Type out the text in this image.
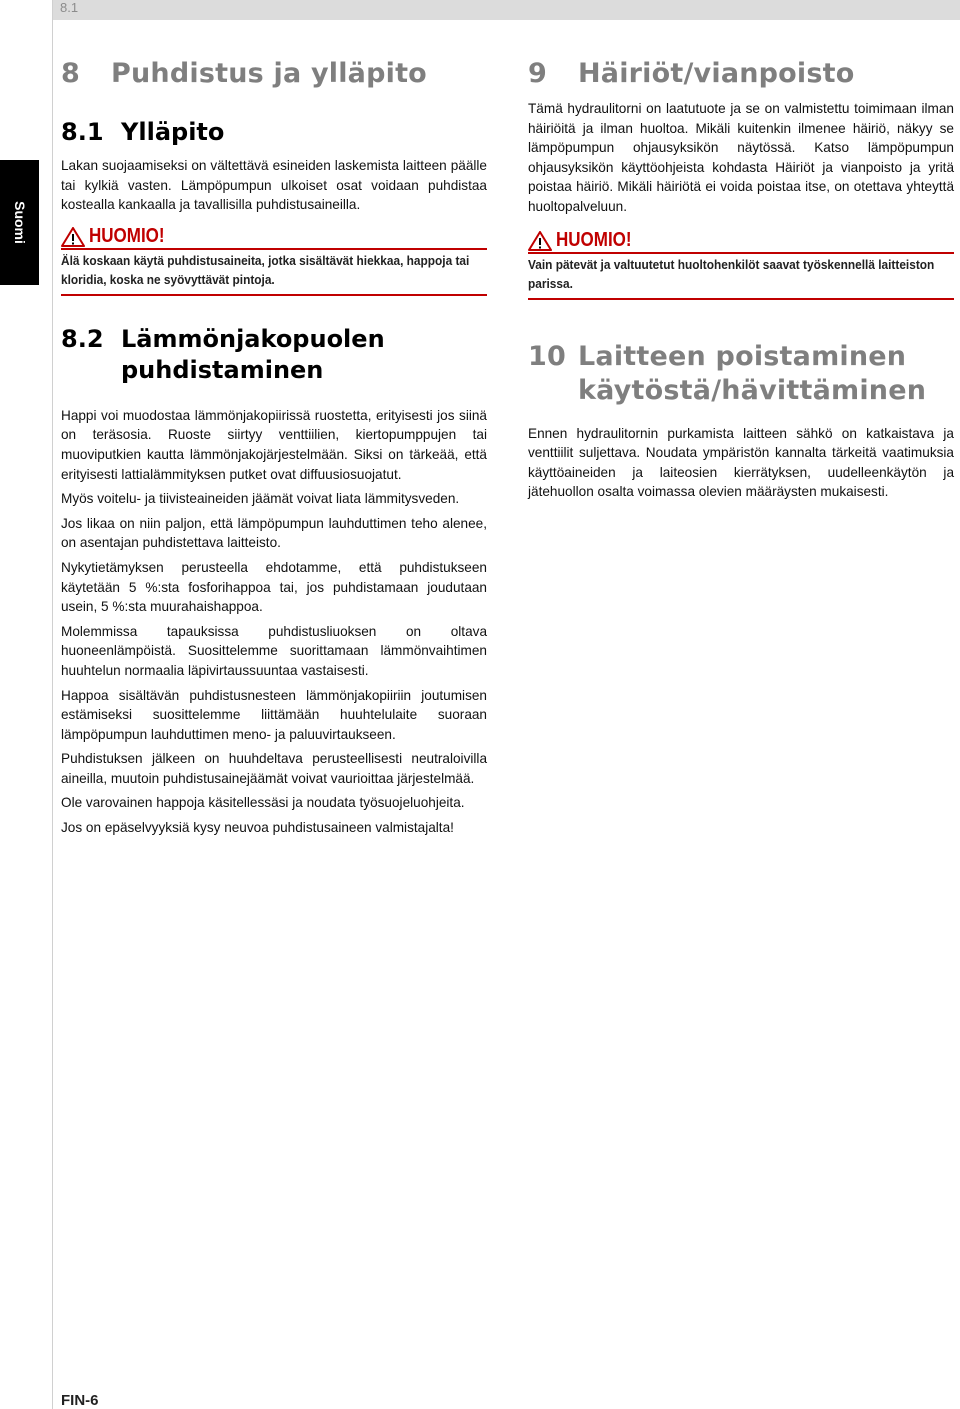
8.1
Suomi
8	Puhdistus ja ylläpito
8.1 Ylläpito

Lakan suojaamiseksi on vältettävä esineiden laskemista laitteen päälle tai kylkiä vasten. Lämpöpumpun ulkoiset osat voidaan puhdistaa kostealla kankaalla ja tavallisilla puhdistusaineilla.

HUOMIO!
Älä koskaan käytä puhdistusaineita, jotka sisältävät hiekkaa, happoja tai kloridia, koska ne syövyttävät pintoja.
8.2 Lämmönjakopuolen
puhdistaminen

Happi voi muodostaa lämmönjakopiirissä ruostetta, erityisesti jos siinä on teräsosia. Ruoste siirtyy venttiilien, kiertopumppujen tai muoviputkien kautta lämmönjakojärjestelmään. Siksi on tärkeää, että erityisesti lattialämmityksen putket ovat diffuusiosuojatut.

Myös voitelu- ja tiivisteaineiden jäämät voivat liata lämmitysveden.

Jos likaa on niin paljon, että lämpöpumpun lauhduttimen teho alenee, on asentajan puhdistettava laitteisto.

Nykytietämyksen perusteella ehdotamme, että puhdistukseen käytetään 5 %:sta fosforihappoa tai, jos puhdistamaan joudutaan usein, 5 %:sta muurahaishappoa.

Molemmissa tapauksissa puhdistusliuoksen on oltava huoneenlämpöistä. Suosittelemme suorittamaan lämmönvaihtimen huuhtelun normaalia läpivirtaussuuntaa vastaisesti.

Happoa sisältävän puhdistusnesteen lämmönjakopiiriin joutumisen estämiseksi suosittelemme liittämään huuhtelulaite suoraan lämpöpumpun lauhduttimen meno- ja paluuvirtaukseen.

Puhdistuksen jälkeen on huuhdeltava perusteellisesti neutraloivilla aineilla, muutoin puhdistusainejäämät voivat vaurioittaa järjestelmää.

Ole varovainen happoja käsitellessäsi ja noudata työsuojeluohjeita.

Jos on epäselvyyksiä kysy neuvoa puhdistusaineen valmistajalta!

9	Häiriöt/vianpoisto

Tämä hydraulitorni on laatutuote ja se on valmistettu toimimaan ilman häiriöitä ja ilman huoltoa. Mikäli kuitenkin ilmenee häiriö, näkyy se lämpöpumpun ohjausyksikön näytössä. Katso lämpöpumpun ohjausyksikön käyttöohjeista kohdasta Häiriöt ja vianpoisto ja yritä poistaa häiriö. Mikäli häiriötä ei voida poistaa itse, on otettava yhteyttä huoltopalveluun.

HUOMIO!
Vain pätevät ja valtuutetut huoltohenkilöt saavat työskennellä laitteiston parissa.
10 Laitteen poistaminen
käytöstä/hävittäminen

Ennen hydraulitornin purkamista laitteen sähkö on katkaistava ja venttiilit suljettava. Noudata ympäristön kannalta tärkeitä vaatimuksia käyttöaineiden ja laiteosien kierrätyksen, uudelleenkäytön ja jätehuollon osalta voimassa olevien määräysten mukaisesti.

FIN-6
